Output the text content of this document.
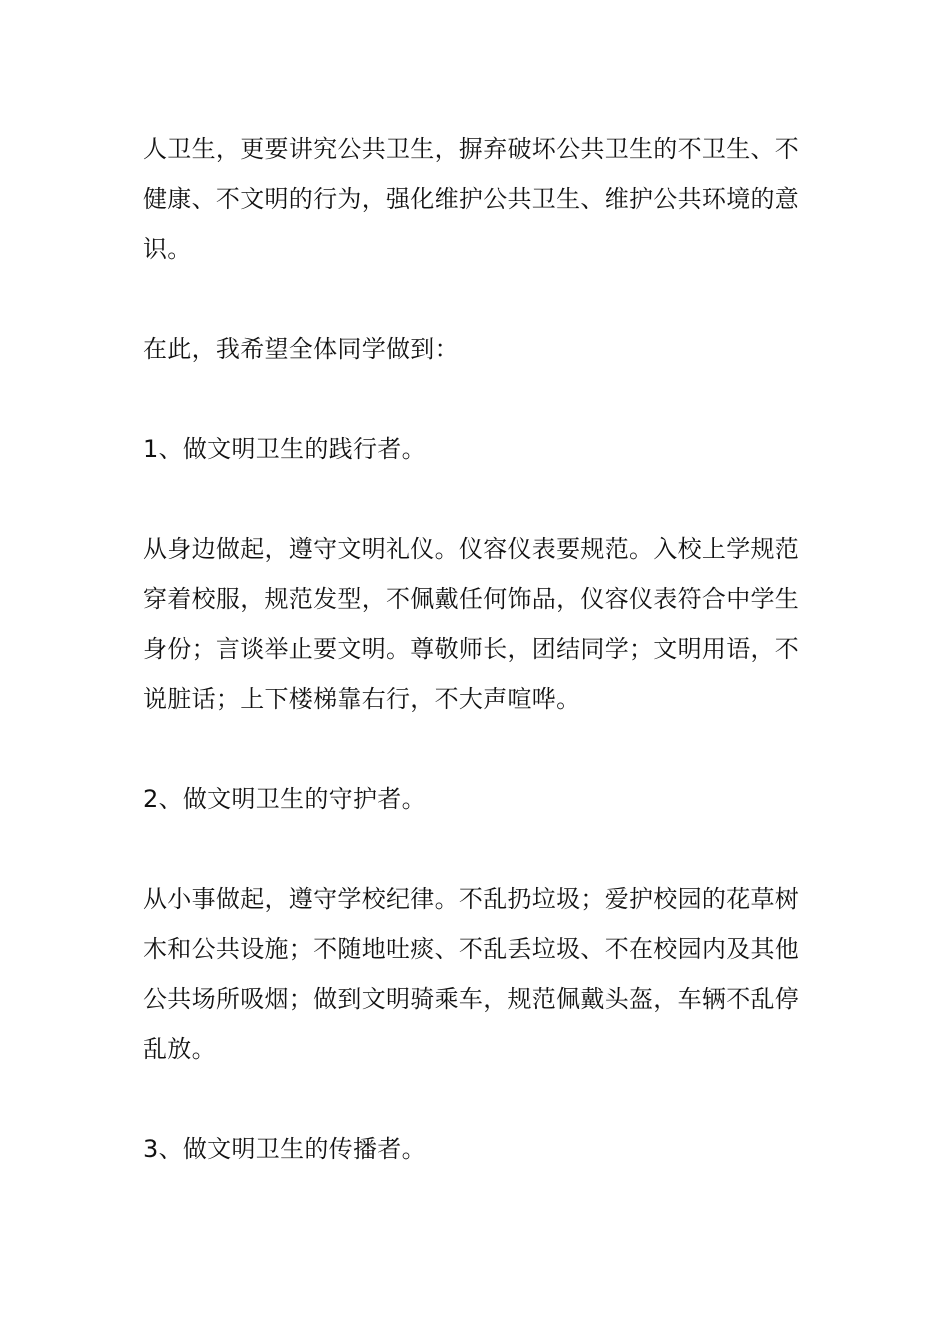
人卫生，更要讲究公共卫生，摒弃破坏公共卫生的不卫生、不健康、不文明的行为，强化维护公共卫生、维护公共环境的意识。

在此，我希望全体同学做到：

1、做文明卫生的践行者。

从身边做起，遵守文明礼仪。仪容仪表要规范。入校上学规范穿着校服，规范发型，不佩戴任何饰品，仪容仪表符合中学生身份；言谈举止要文明。尊敬师长，团结同学；文明用语，不说脏话；上下楼梯靠右行，不大声喧哗。

2、做文明卫生的守护者。

从小事做起，遵守学校纪律。不乱扔垃圾；爱护校园的花草树木和公共设施；不随地吐痰、不乱丢垃圾、不在校园内及其他公共场所吸烟；做到文明骑乘车，规范佩戴头盔，车辆不乱停乱放。

3、做文明卫生的传播者。
